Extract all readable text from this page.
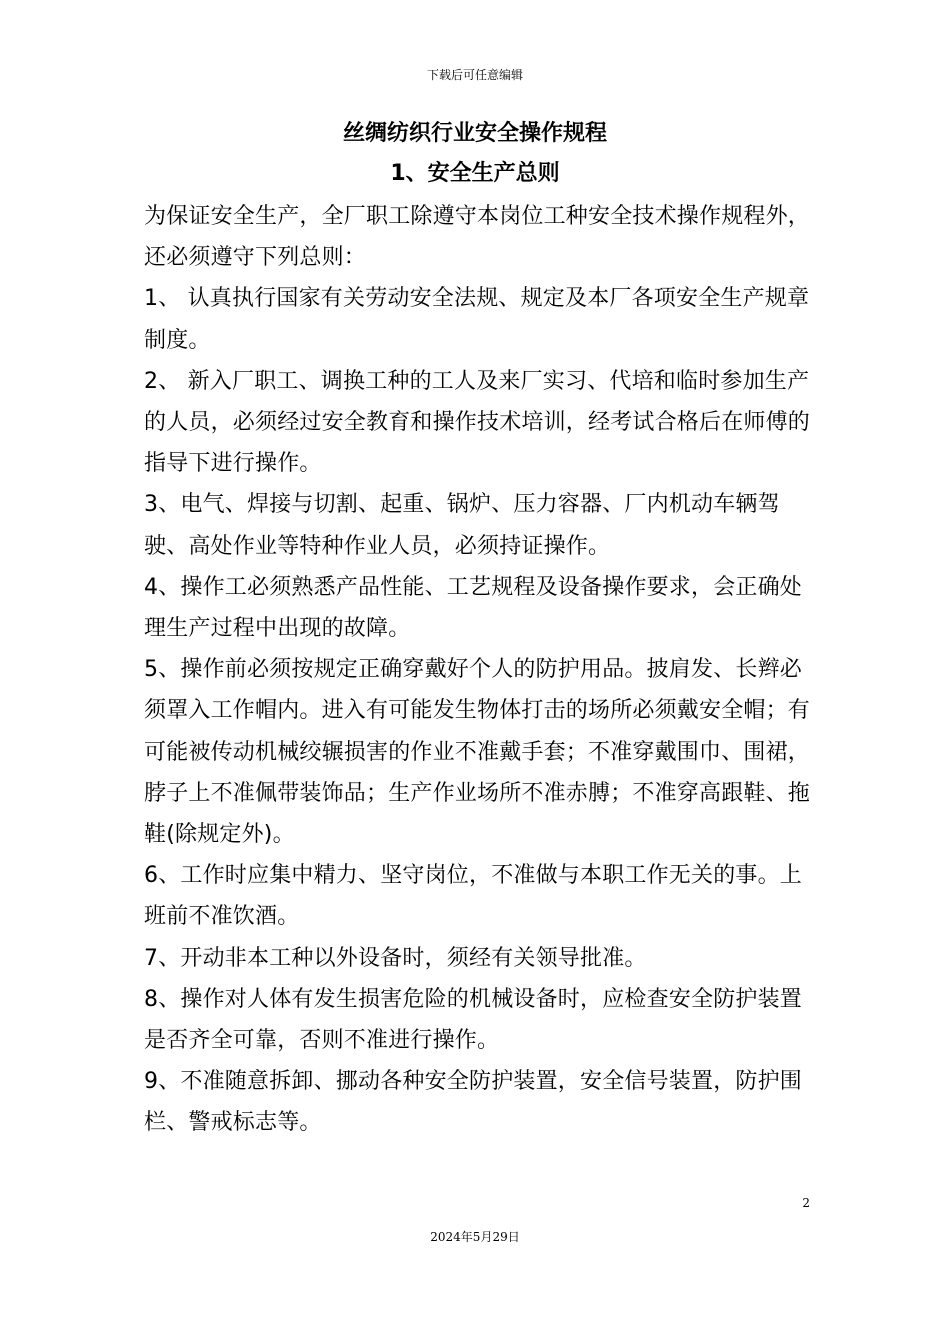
下载后可任意编辑
丝绸纺织行业安全操作规程
1、安全生产总则

为保证安全生产，全厂职工除遵守本岗位工种安全技术操作规程外，还必须遵守下列总则：

1、 认真执行国家有关劳动安全法规、规定及本厂各项安全生产规章制度。

2、 新入厂职工、调换工种的工人及来厂实习、代培和临时参加生产的人员，必须经过安全教育和操作技术培训，经考试合格后在师傅的指导下进行操作。

3、电气、焊接与切割、起重、锅炉、压力容器、厂内机动车辆驾驶、高处作业等特种作业人员，必须持证操作。

4、操作工必须熟悉产品性能、工艺规程及设备操作要求，会正确处理生产过程中出现的故障。

5、操作前必须按规定正确穿戴好个人的防护用品。披肩发、长辫必须罩入工作帽内。进入有可能发生物体打击的场所必须戴安全帽；有可能被传动机械绞辗损害的作业不准戴手套；不准穿戴围巾、围裙，脖子上不准佩带装饰品；生产作业场所不准赤膊；不准穿高跟鞋、拖鞋(除规定外)。

6、工作时应集中精力、坚守岗位，不准做与本职工作无关的事。上班前不准饮酒。

7、开动非本工种以外设备时，须经有关领导批准。

8、操作对人体有发生损害危险的机械设备时，应检查安全防护装置是否齐全可靠，否则不准进行操作。

9、不准随意拆卸、挪动各种安全防护装置，安全信号装置，防护围栏、警戒标志等。

2
2024年5月29日
